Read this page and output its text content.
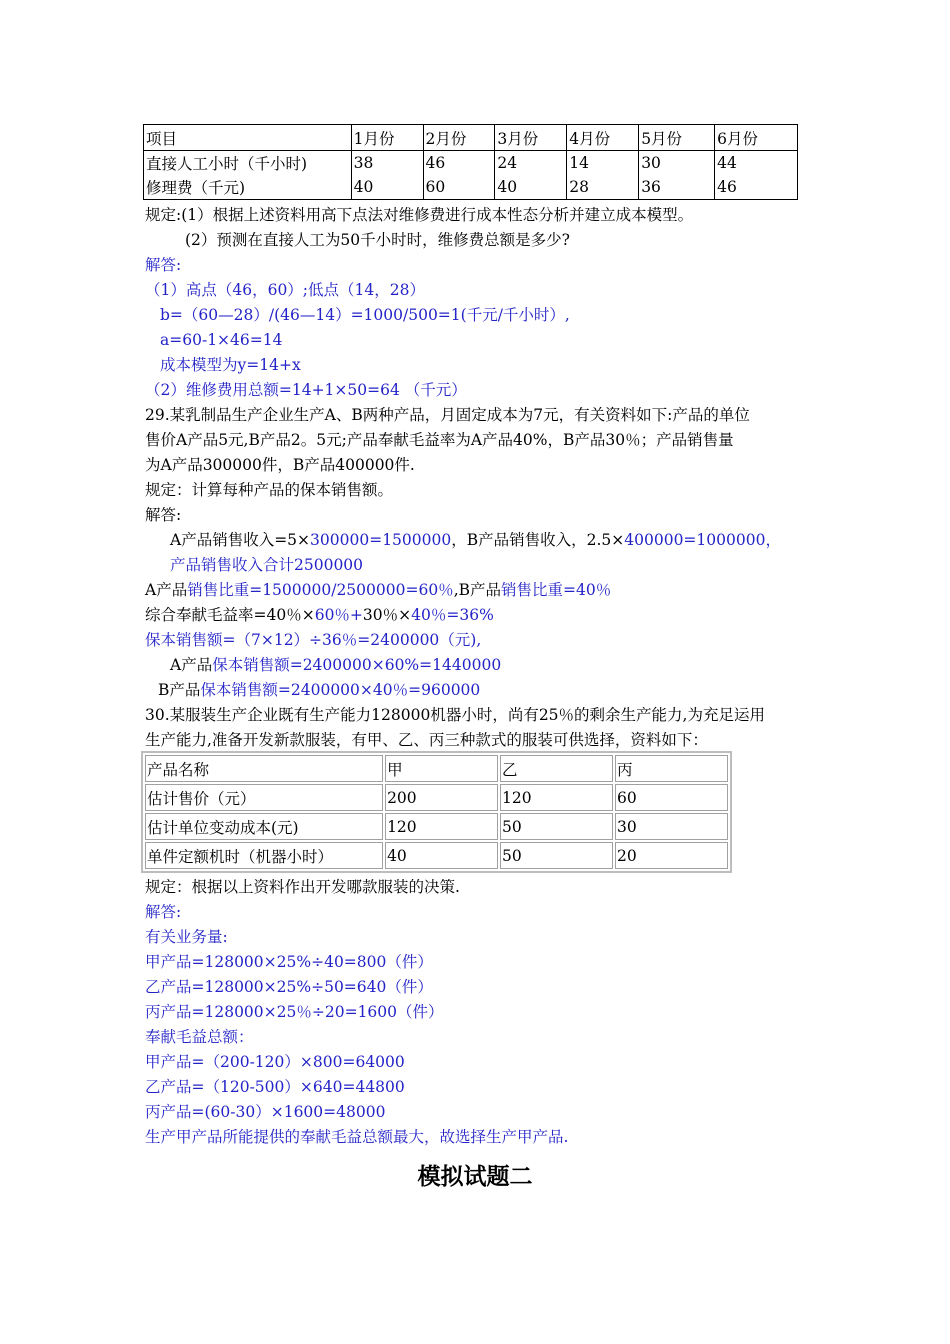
项目	1月份	2月份	3月份	4月份	5月份	6月份
直接人工小时（千小时)	38	46	24	14	30	44
修理费（千元)	40	60	40	28	36	46
规定:(1）根据上述资料用高下点法对维修费进行成本性态分析并建立成本模型。
(2）预测在直接人工为50千小时时，维修费总额是多少?
解答:
（1）高点（46，60）;低点（14，28）
b=（60—28）/(46—14）=1000/500=1(千元/千小时）,
a=60-1×46=14
成本模型为y=14+x
（2）维修费用总额=14+1×50=64 （千元）
29.某乳制品生产企业生产A、B两种产品，月固定成本为7元，有关资料如下:产品的单位
售价A产品5元,B产品2。5元;产品奉献毛益率为A产品40%，B产品30％；产品销售量
为A产品300000件，B产品400000件.
规定：计算每种产品的保本销售额。
解答:
A产品销售收入=5×300000=1500000，B产品销售收入，2.5×400000=1000000，
产品销售收入合计2500000
A产品销售比重=1500000/2500000=60％,B产品销售比重=40％
综合奉献毛益率=40％×60％+30％×40％=36%
保本销售额=（7×12）÷36％=2400000（元),
A产品保本销售额=2400000×60%=1440000
B产品保本销售额=2400000×40％=960000
30.某服装生产企业既有生产能力128000机器小时，尚有25％的剩余生产能力,为充足运用
生产能力,准备开发新款服装，有甲、乙、丙三种款式的服装可供选择，资料如下：
产品名称	甲	乙	丙
估计售价（元）	200	120	60
估计单位变动成本(元)	120	50	30
单件定额机时（机器小时）	40	50	20
规定：根据以上资料作出开发哪款服装的决策.
解答:
有关业务量:
甲产品=128000×25%÷40=800（件）
乙产品=128000×25%÷50=640（件）
丙产品=128000×25％÷20=1600（件）
奉献毛益总额：
甲产品=（200-120）×800=64000
乙产品=（120-500）×640=44800
丙产品=(60-30）×1600=48000
生产甲产品所能提供的奉献毛益总额最大，故选择生产甲产品.
模拟试题二
